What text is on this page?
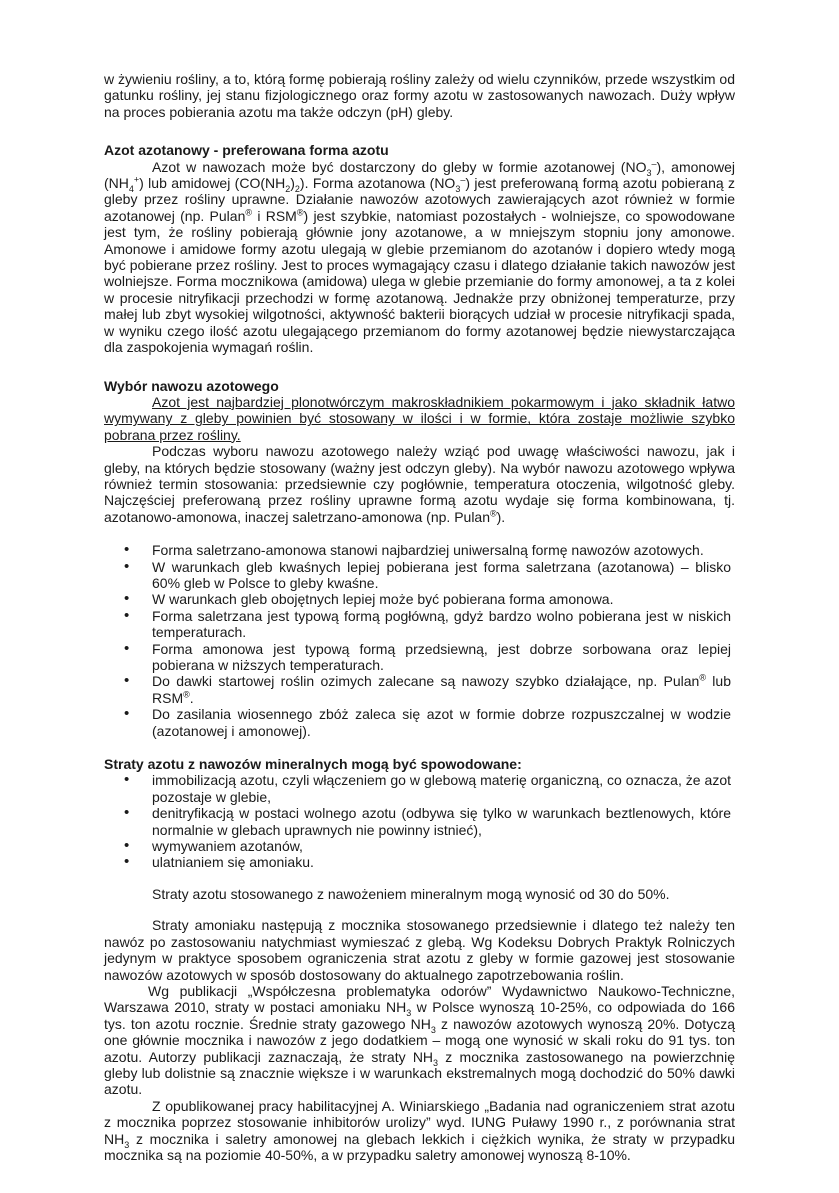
w żywieniu rośliny, a to, którą formę pobierają rośliny zależy od wielu czynników, przede wszystkim od gatunku rośliny, jej stanu fizjologicznego oraz formy azotu w zastosowanych nawozach. Duży wpływ na proces pobierania azotu ma także odczyn (pH) gleby.

Azot azotanowy - preferowana forma azotu

Azot w nawozach może być dostarczony do gleby w formie azotanowej $(NO_3^-)$, amonowej $(NH_4^+)$ lub amidowej $(CO(NH_2)_2)$. Forma azotanowa $(NO_3^-)$ jest preferowaną formą azotu pobieraną z gleby przez rośliny uprawne. Działanie nawozów azotowych zawierających azot również w formie azotanowej (np. Pulan® i RSM®) jest szybkie, natomiast pozostałych - wolniejsze, co spowodowane jest tym, że rośliny pobierają głównie jony azotanowe, a w mniejszym stopniu jony amonowe. Amonowe i amidowe formy azotu ulegają w glebie przemianom do azotanów i dopiero wtedy mogą być pobierane przez rośliny. Jest to proces wymagający czasu i dlatego działanie takich nawozów jest wolniejsze. Forma mocznikowa (amidowa) ulega w glebie przemianie do formy amonowej, a ta z kolei w procesie nitryfikacji przechodzi w formę azotanową. Jednakże przy obniżonej temperaturze, przy małej lub zbyt wysokiej wilgotności, aktywność bakterii biorących udział w procesie nitryfikacji spada, w wyniku czego ilość azotu ulegającego przemianom do formy azotanowej będzie niewystarczająca dla zaspokojenia wymagań roślin.

Wybór nawozu azotowego

Azot jest najbardziej plonotwórczym makroskładnikiem pokarmowym i jako składnik łatwo wymywany z gleby powinien być stosowany w ilości i w formie, która zostaje możliwie szybko pobrana przez rośliny.

Podczas wyboru nawozu azotowego należy wziąć pod uwagę właściwości nawozu, jak i gleby, na których będzie stosowany (ważny jest odczyn gleby). Na wybór nawozu azotowego wpływa również termin stosowania: przedsiewnie czy pogłównie, temperatura otoczenia, wilgotność gleby. Najczęściej preferowaną przez rośliny uprawne formą azotu wydaje się forma kombinowana, tj. azotanowo-amonowa, inaczej saletrzano-amonowa (np. Pulan®).

• Forma saletrzano-amonowa stanowi najbardziej uniwersalną formę nawozów azotowych.
• W warunkach gleb kwaśnych lepiej pobierana jest forma saletrzana (azotanowa) – blisko 60% gleb w Polsce to gleby kwaśne.
• W warunkach gleb obojętnych lepiej może być pobierana forma amonowa.
• Forma saletrzana jest typową formą pogłówną, gdyż bardzo wolno pobierana jest w niskich temperaturach.
• Forma amonowa jest typową formą przedsiewną, jest dobrze sorbowana oraz lepiej pobierana w niższych temperaturach.
• Do dawki startowej roślin ozimych zalecane są nawozy szybko działające, np. Pulan® lub RSM®.
• Do zasilania wiosennego zbóż zaleca się azot w formie dobrze rozpuszczalnej w wodzie (azotanowej i amonowej).
Straty azotu z nawozów mineralnych mogą być spowodowane:
• immobilizacją azotu, czyli włączeniem go w glebową materię organiczną, co oznacza, że azot pozostaje w glebie,
• denitryfikacją w postaci wolnego azotu (odbywa się tylko w warunkach beztlenowych, które normalnie w glebach uprawnych nie powinny istnieć),
• wymywaniem azotanów,
• ulatnianiem się amoniaku.

Straty azotu stosowanego z nawożeniem mineralnym mogą wynosić od 30 do 50%.

Straty amoniaku następują z mocznika stosowanego przedsiewnie i dlatego też należy ten nawóz po zastosowaniu natychmiast wymieszać z glebą. Wg Kodeksu Dobrych Praktyk Rolniczych jedynym w praktyce sposobem ograniczenia strat azotu z gleby w formie gazowej jest stosowanie nawozów azotowych w sposób dostosowany do aktualnego zapotrzebowania roślin.

Wg publikacji „Współczesna problematyka odorów” Wydawnictwo Naukowo-Techniczne, Warszawa 2010, straty w postaci amoniaku $NH_3$ w Polsce wynoszą 10-25%, co odpowiada do 166 tys. ton azotu rocznie. Średnie straty gazowego $NH_3$ z nawozów azotowych wynoszą 20%. Dotyczą one głównie mocznika i nawozów z jego dodatkiem – mogą one wynosić w skali roku do 91 tys. ton azotu. Autorzy publikacji zaznaczają, że straty $NH_3$ z mocznika zastosowanego na powierzchnię gleby lub dolistnie są znacznie większe i w warunkach ekstremalnych mogą dochodzić do 50% dawki azotu.

Z opublikowanej pracy habilitacyjnej A. Winiarskiego „Badania nad ograniczeniem strat azotu z mocznika poprzez stosowanie inhibitorów urolizy” wyd. IUNG Puławy 1990 r., z porównania strat $NH_3$ z mocznika i saletry amonowej na glebach lekkich i ciężkich wynika, że straty w przypadku mocznika są na poziomie 40-50%, a w przypadku saletry amonowej wynoszą 8-10%.
